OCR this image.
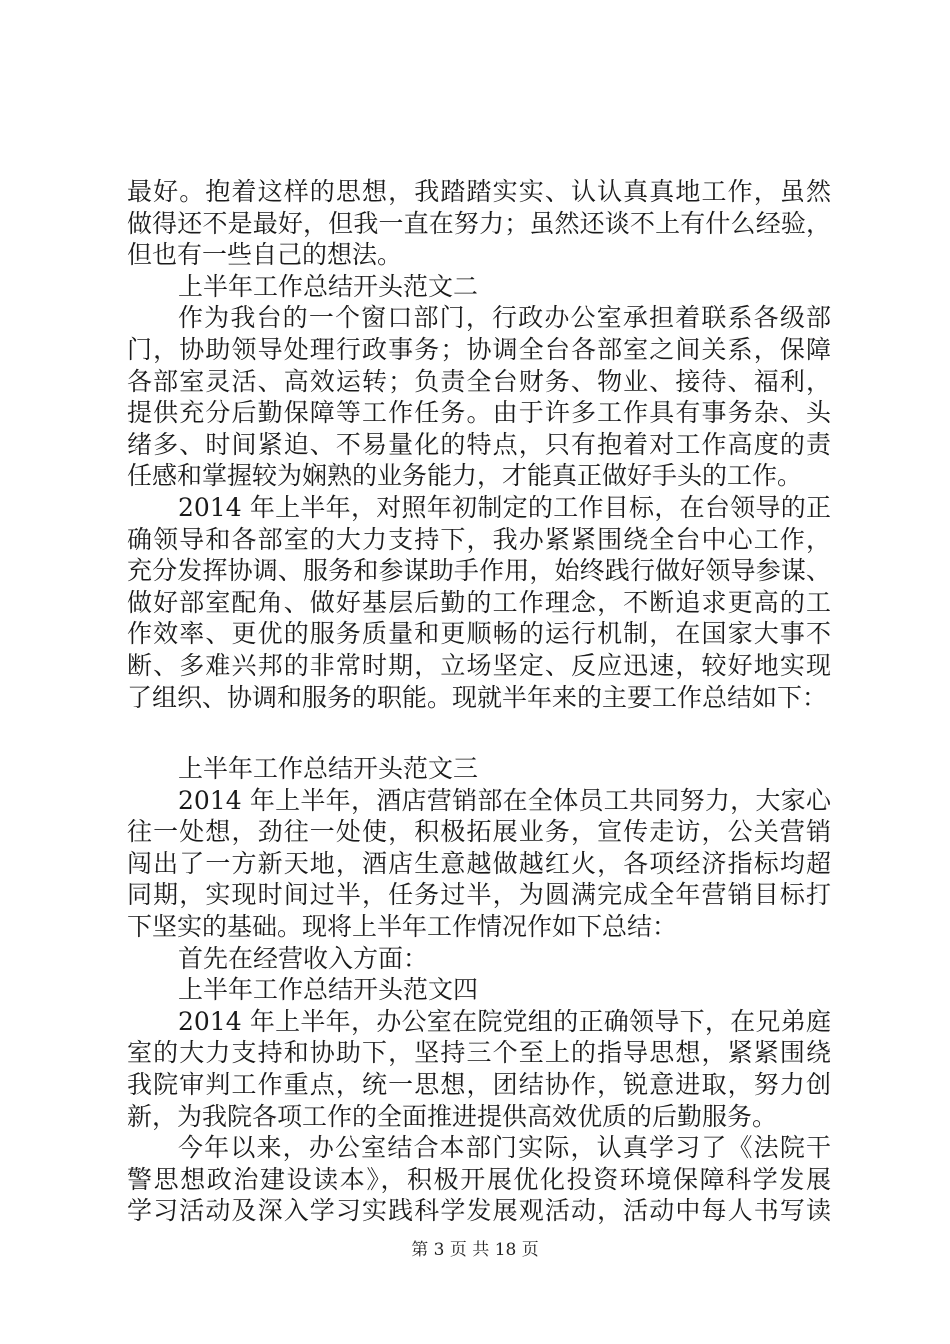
最好。抱着这样的思想，我踏踏实实、认认真真地工作，虽然
做得还不是最好，但我一直在努力；虽然还谈不上有什么经验，
但也有一些自己的想法。
上半年工作总结开头范文二
作为我台的一个窗口部门，行政办公室承担着联系各级部
门，协助领导处理行政事务；协调全台各部室之间关系，保障
各部室灵活、高效运转；负责全台财务、物业、接待、福利，
提供充分后勤保障等工作任务。由于许多工作具有事务杂、头
绪多、时间紧迫、不易量化的特点，只有抱着对工作高度的责
任感和掌握较为娴熟的业务能力，才能真正做好手头的工作。
2014 年上半年，对照年初制定的工作目标，在台领导的正
确领导和各部室的大力支持下，我办紧紧围绕全台中心工作，
充分发挥协调、服务和参谋助手作用，始终践行做好领导参谋、
做好部室配角、做好基层后勤的工作理念，不断追求更高的工
作效率、更优的服务质量和更顺畅的运行机制，在国家大事不
断、多难兴邦的非常时期，立场坚定、反应迅速，较好地实现
了组织、协调和服务的职能。现就半年来的主要工作总结如下：
上半年工作总结开头范文三
2014 年上半年，酒店营销部在全体员工共同努力，大家心
往一处想，劲往一处使，积极拓展业务，宣传走访，公关营销
闯出了一方新天地，酒店生意越做越红火，各项经济指标均超
同期，实现时间过半，任务过半，为圆满完成全年营销目标打
下坚实的基础。现将上半年工作情况作如下总结：
首先在经营收入方面：
上半年工作总结开头范文四
2014 年上半年，办公室在院党组的正确领导下，在兄弟庭
室的大力支持和协助下，坚持三个至上的指导思想，紧紧围绕
我院审判工作重点，统一思想，团结协作，锐意进取，努力创
新，为我院各项工作的全面推进提供高效优质的后勤服务。
今年以来，办公室结合本部门实际，认真学习了《法院干
警思想政治建设读本》，积极开展优化投资环境保障科学发展
学习活动及深入学习实践科学发展观活动，活动中每人书写读
第 3 页 共 18 页
